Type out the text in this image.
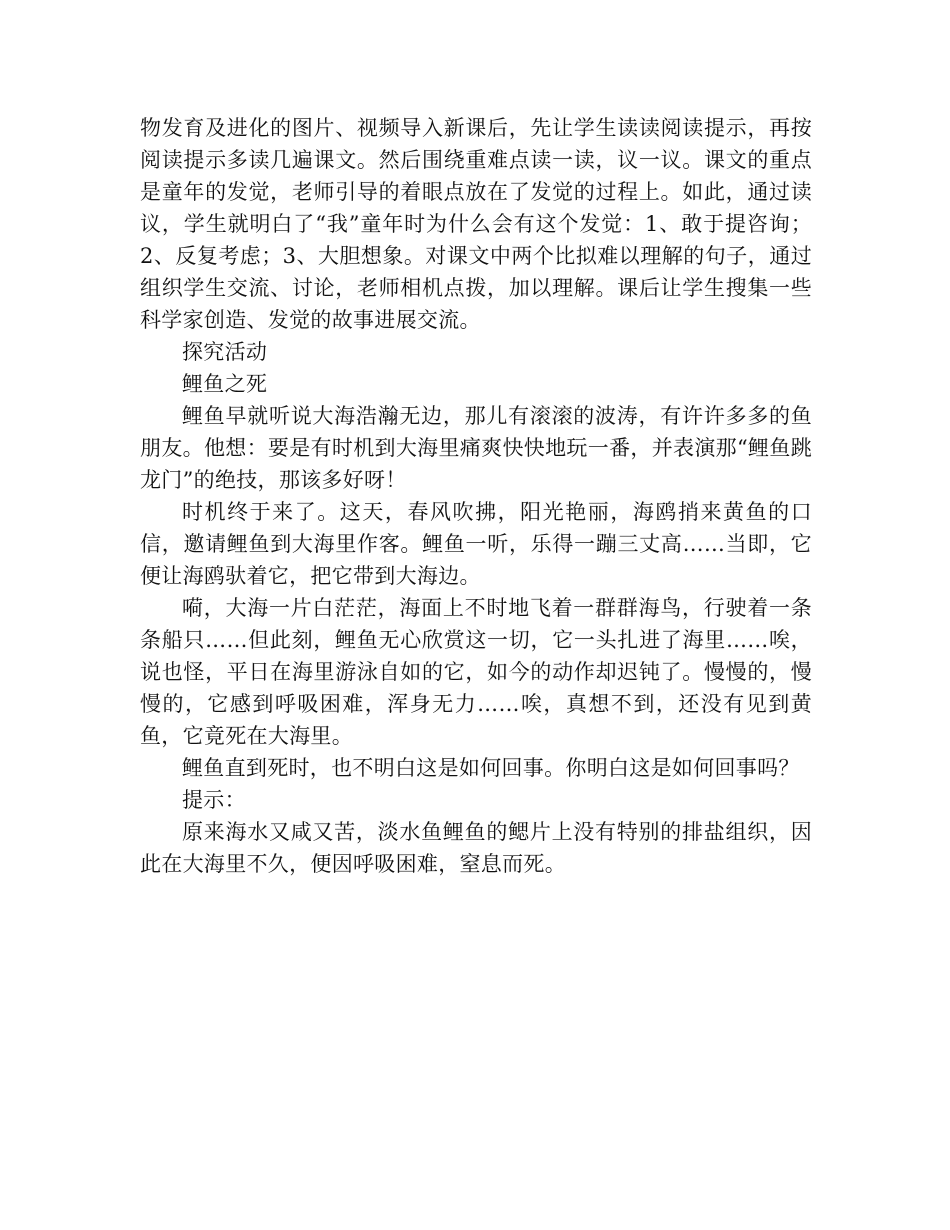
物发育及进化的图片、视频导入新课后，先让学生读读阅读提示，再按阅读提示多读几遍课文。然后围绕重难点读一读，议一议。课文的重点是童年的发觉，老师引导的着眼点放在了发觉的过程上。如此，通过读议，学生就明白了“我”童年时为什么会有这个发觉：1、敢于提咨询；2、反复考虑；3、大胆想象。对课文中两个比拟难以理解的句子，通过组织学生交流、讨论，老师相机点拨，加以理解。课后让学生搜集一些科学家创造、发觉的故事进展交流。

探究活动

鲤鱼之死

鲤鱼早就听说大海浩瀚无边，那儿有滚滚的波涛，有许许多多的鱼朋友。他想：要是有时机到大海里痛爽快快地玩一番，并表演那“鲤鱼跳龙门”的绝技，那该多好呀！

时机终于来了。这天，春风吹拂，阳光艳丽，海鸥捎来黄鱼的口信，邀请鲤鱼到大海里作客。鲤鱼一听，乐得一蹦三丈高……当即，它便让海鸥驮着它，把它带到大海边。

嗬，大海一片白茫茫，海面上不时地飞着一群群海鸟，行驶着一条条船只……但此刻，鲤鱼无心欣赏这一切，它一头扎进了海里……唉，说也怪，平日在海里游泳自如的它，如今的动作却迟钝了。慢慢的，慢慢的，它感到呼吸困难，浑身无力……唉，真想不到，还没有见到黄鱼，它竟死在大海里。

鲤鱼直到死时，也不明白这是如何回事。你明白这是如何回事吗？

提示：

原来海水又咸又苦，淡水鱼鲤鱼的鳃片上没有特别的排盐组织，因此在大海里不久，便因呼吸困难，窒息而死。
